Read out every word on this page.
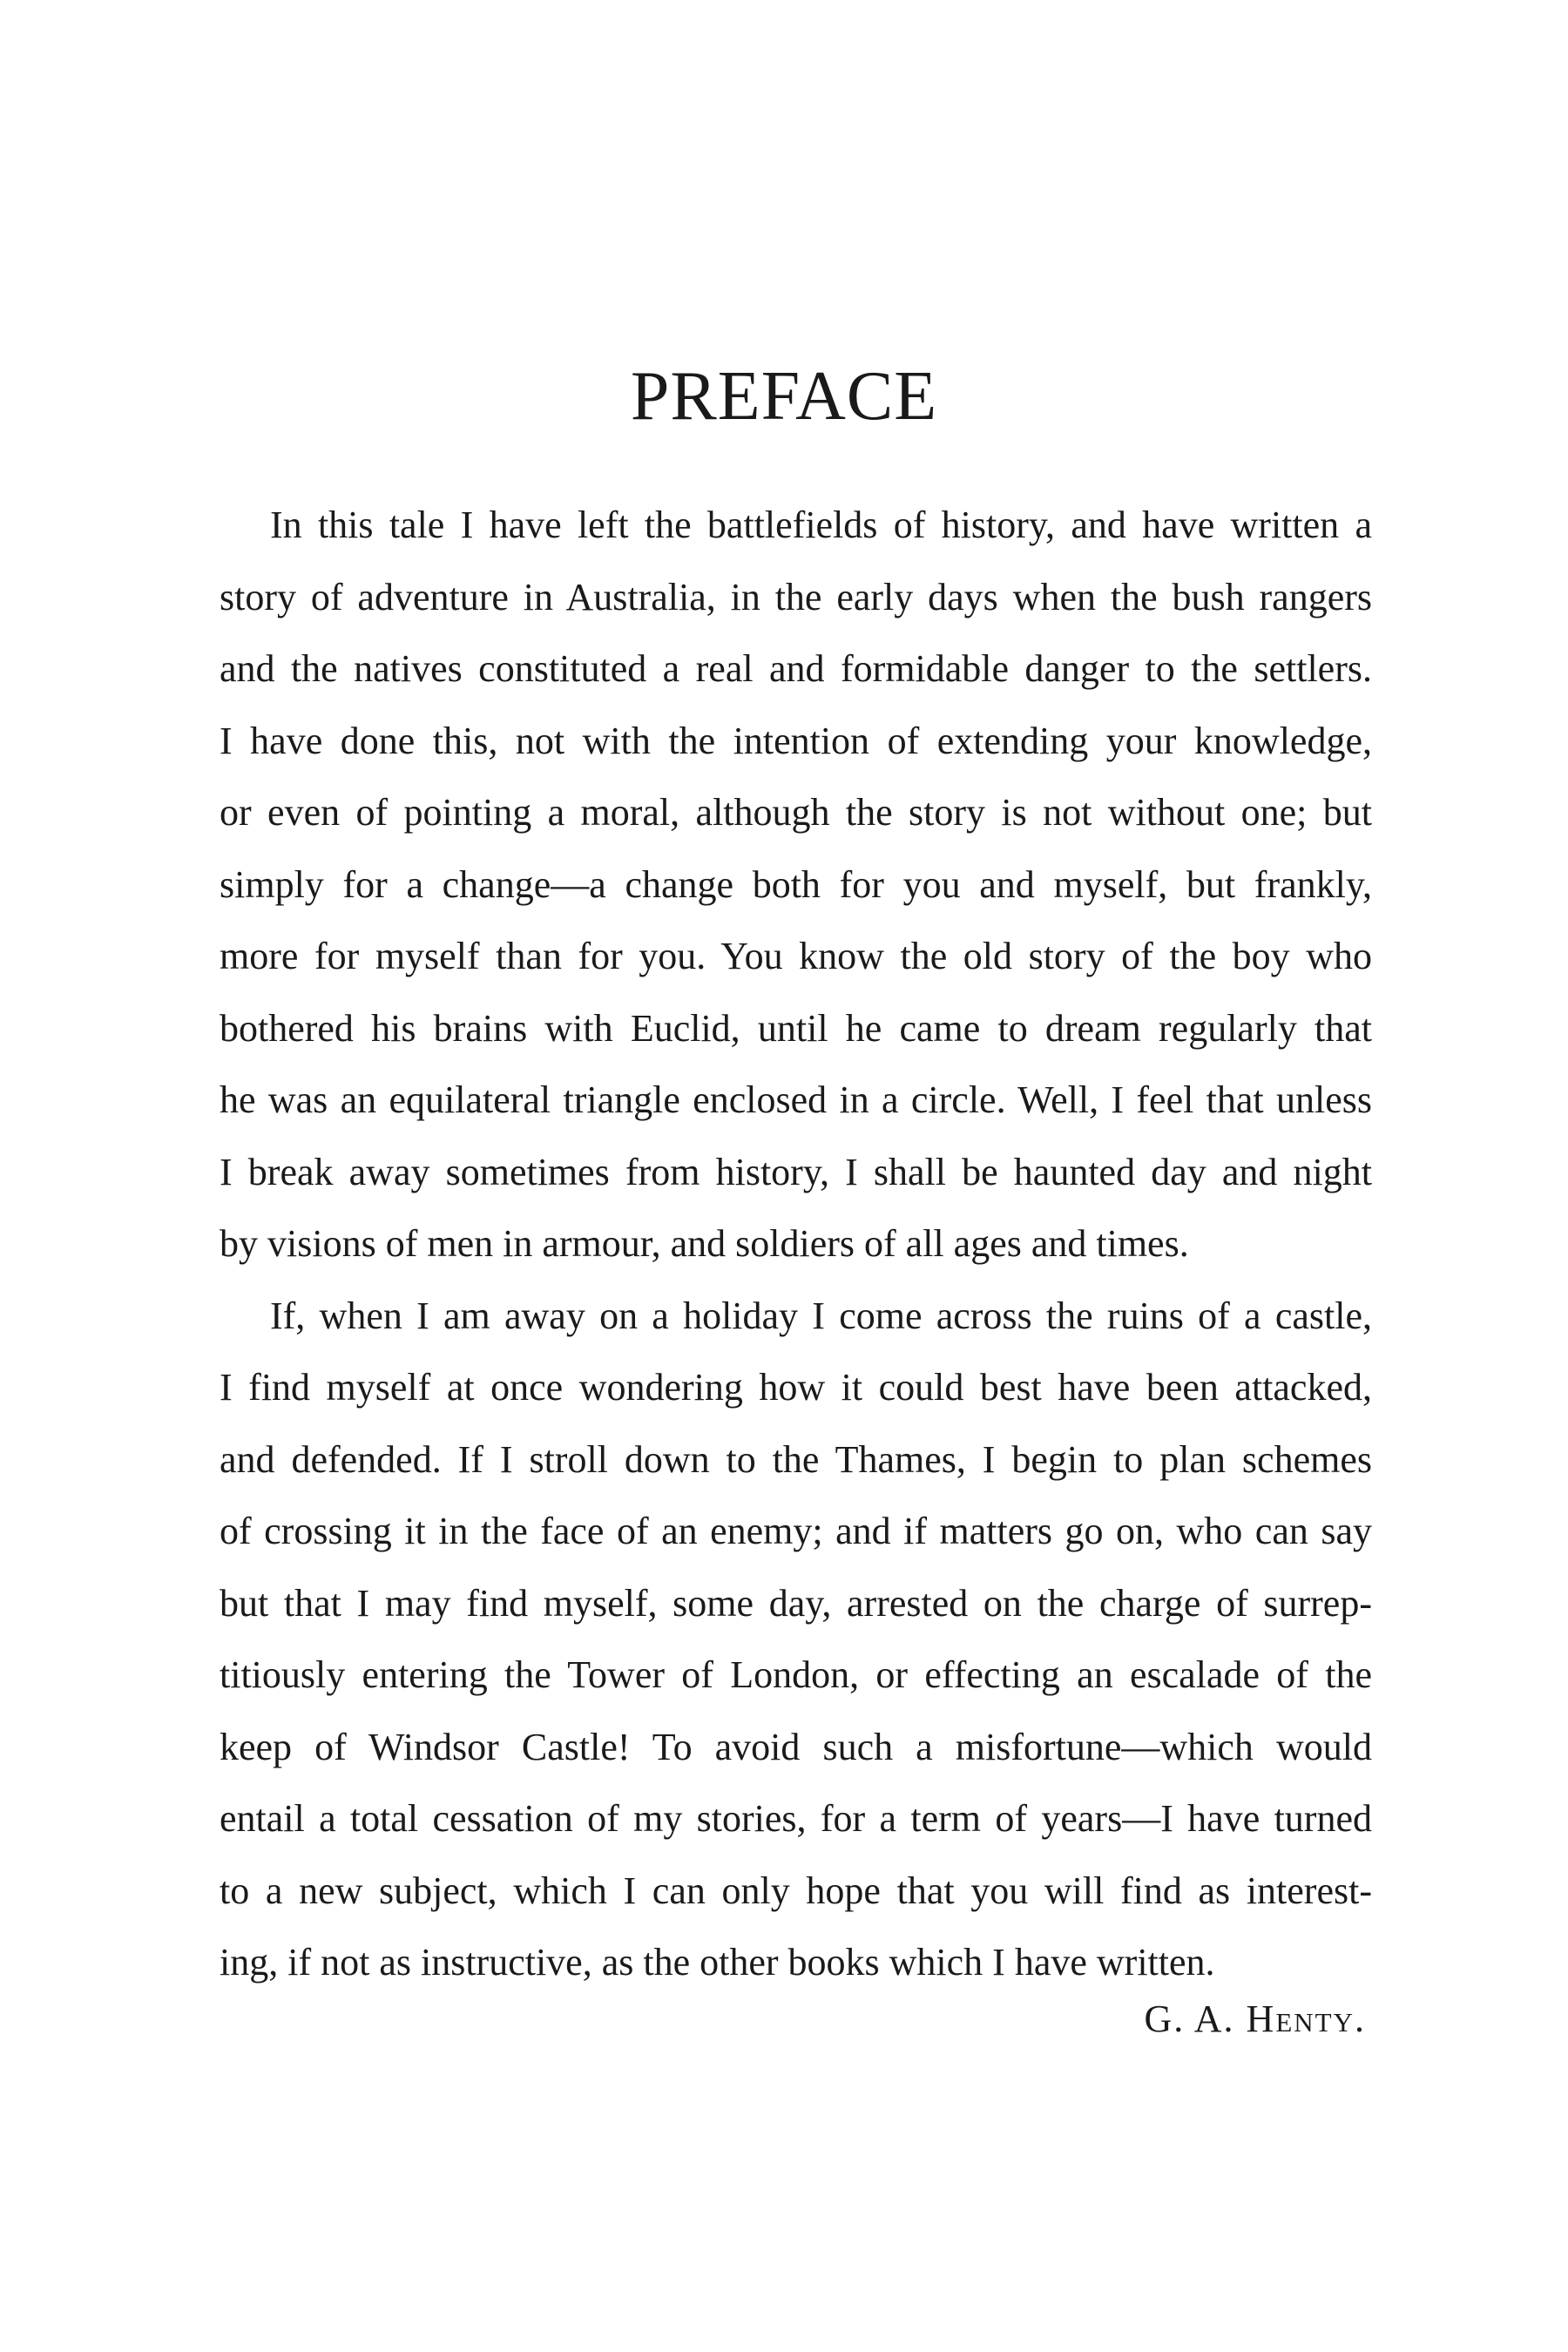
PREFACE
In this tale I have left the battlefields of history, and have written a
story of adventure in Australia, in the early days when the bush rangers
and the natives constituted a real and formidable danger to the settlers.
I have done this, not with the intention of extending your knowledge,
or even of pointing a moral, although the story is not without one; but
simply for a change—a change both for you and myself, but frankly,
more for myself than for you. You know the old story of the boy who
bothered his brains with Euclid, until he came to dream regularly that
he was an equilateral triangle enclosed in a circle. Well, I feel that unless
I break away sometimes from history, I shall be haunted day and night
by visions of men in armour, and soldiers of all ages and times.
If, when I am away on a holiday I come across the ruins of a castle,
I find myself at once wondering how it could best have been attacked,
and defended. If I stroll down to the Thames, I begin to plan schemes
of crossing it in the face of an enemy; and if matters go on, who can say
but that I may find myself, some day, arrested on the charge of surrep-
titiously entering the Tower of London, or effecting an escalade of the
keep of Windsor Castle! To avoid such a misfortune—which would
entail a total cessation of my stories, for a term of years—I have turned
to a new subject, which I can only hope that you will find as interest-
ing, if not as instructive, as the other books which I have written.
G. A. Henty.
